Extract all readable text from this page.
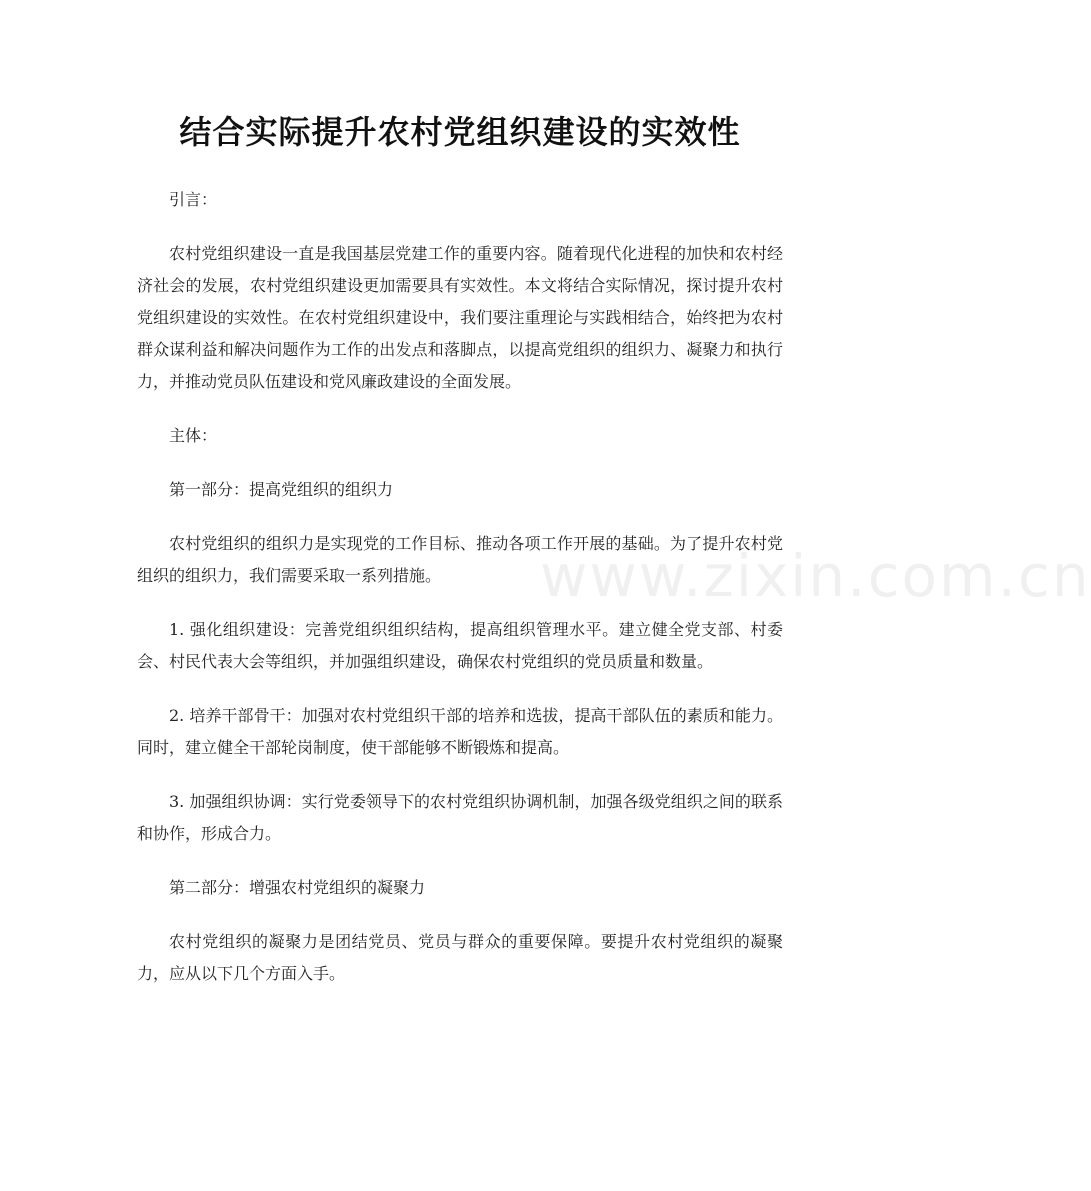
www.zixin.com.cn
结合实际提升农村党组织建设的实效性

引言：

农村党组织建设一直是我国基层党建工作的重要内容。随着现代化进程的加快和农村经济社会的发展，农村党组织建设更加需要具有实效性。本文将结合实际情况，探讨提升农村党组织建设的实效性。在农村党组织建设中，我们要注重理论与实践相结合，始终把为农村群众谋利益和解决问题作为工作的出发点和落脚点，以提高党组织的组织力、凝聚力和执行力，并推动党员队伍建设和党风廉政建设的全面发展。

主体：

第一部分：提高党组织的组织力

农村党组织的组织力是实现党的工作目标、推动各项工作开展的基础。为了提升农村党组织的组织力，我们需要采取一系列措施。

1. 强化组织建设：完善党组织组织结构，提高组织管理水平。建立健全党支部、村委会、村民代表大会等组织，并加强组织建设，确保农村党组织的党员质量和数量。

2. 培养干部骨干：加强对农村党组织干部的培养和选拔，提高干部队伍的素质和能力。同时，建立健全干部轮岗制度，使干部能够不断锻炼和提高。

3. 加强组织协调：实行党委领导下的农村党组织协调机制，加强各级党组织之间的联系和协作，形成合力。

第二部分：增强农村党组织的凝聚力

农村党组织的凝聚力是团结党员、党员与群众的重要保障。要提升农村党组织的凝聚力，应从以下几个方面入手。
